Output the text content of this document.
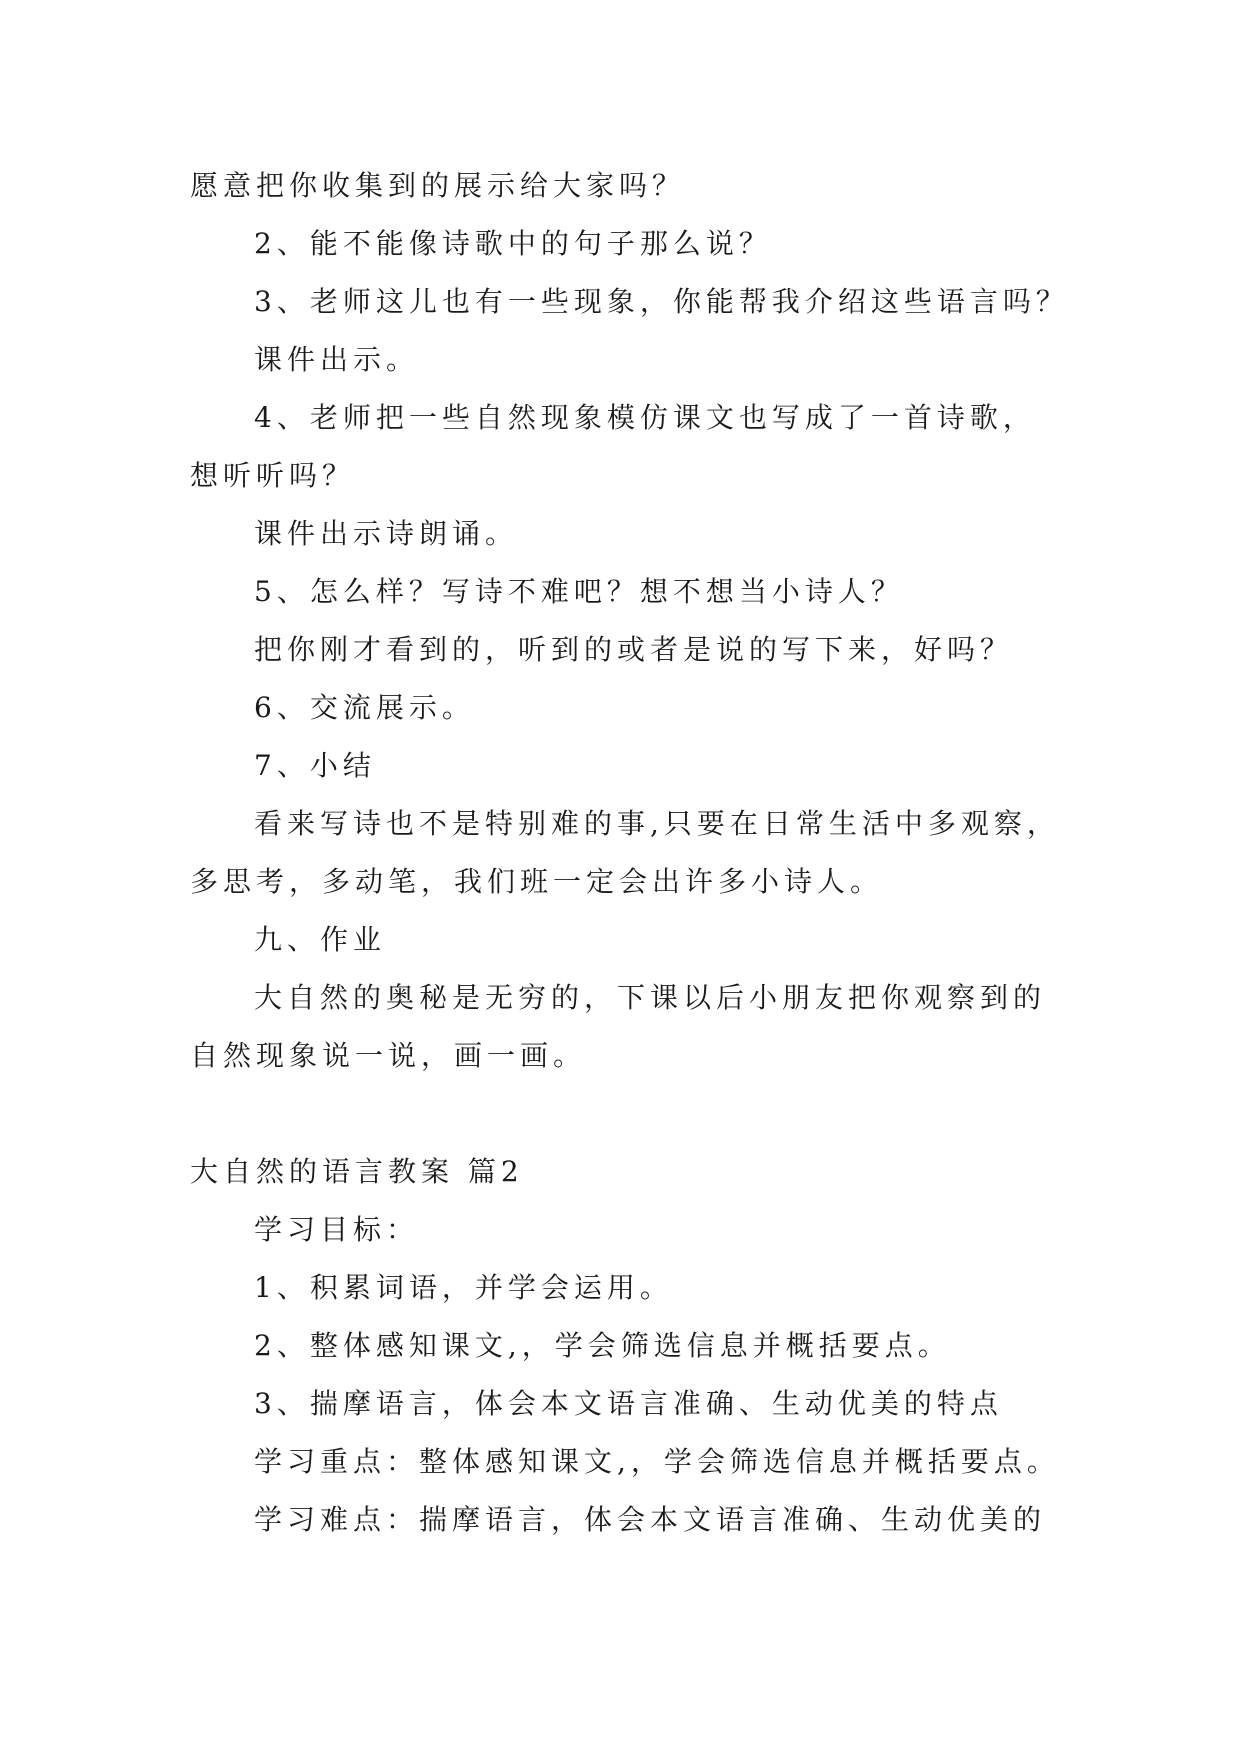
愿意把你收集到的展示给大家吗？
2、能不能像诗歌中的句子那么说？
3、老师这儿也有一些现象，你能帮我介绍这些语言吗？
课件出示。
4、老师把一些自然现象模仿课文也写成了一首诗歌，
想听听吗？
课件出示诗朗诵。
5、怎么样？写诗不难吧？想不想当小诗人？
把你刚才看到的，听到的或者是说的写下来，好吗？
6、交流展示。
7、小结
看来写诗也不是特别难的事,只要在日常生活中多观察，
多思考，多动笔，我们班一定会出许多小诗人。
九、作业
大自然的奥秘是无穷的，下课以后小朋友把你观察到的
自然现象说一说，画一画。
大自然的语言教案 篇2
学习目标：
1、积累词语，并学会运用。
2、整体感知课文,，学会筛选信息并概括要点。
3、揣摩语言，体会本文语言准确、生动优美的特点
学习重点：整体感知课文,，学会筛选信息并概括要点。
学习难点：揣摩语言，体会本文语言准确、生动优美的
